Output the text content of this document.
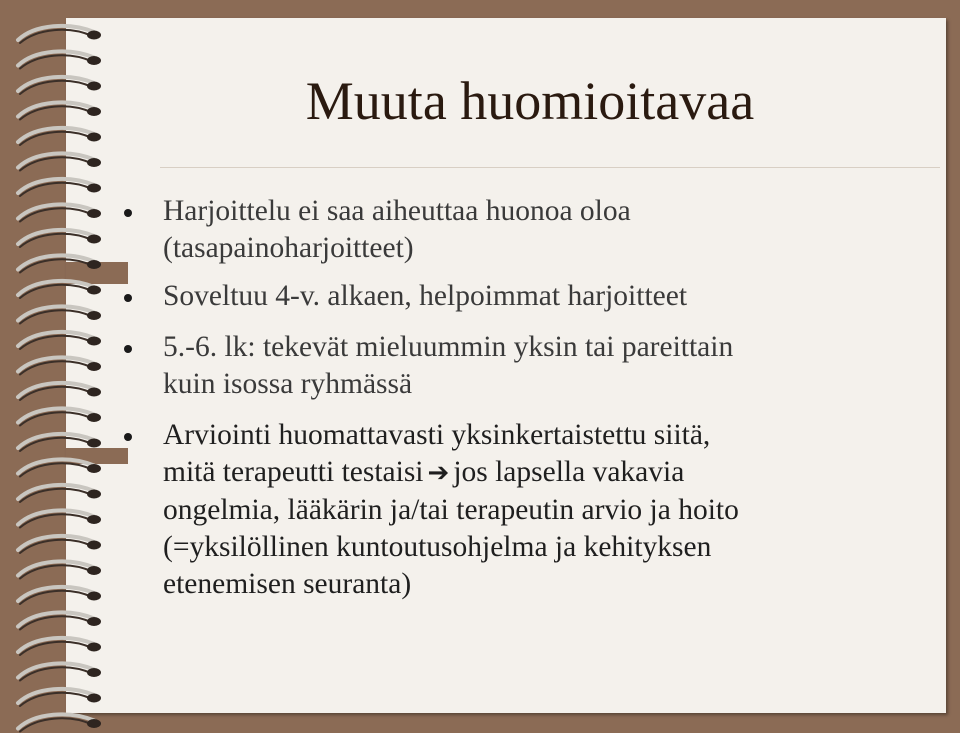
Muuta huomioitavaa
Harjoittelu ei saa aiheuttaa huonoa oloa
(tasapainoharjoitteet)
Soveltuu 4-v. alkaen, helpoimmat harjoitteet
5.-6. lk: tekevät mieluummin yksin tai pareittain
kuin isossa ryhmässä
Arviointi huomattavasti yksinkertaistettu siitä,
mitä terapeutti testaisi ➔ jos lapsella vakavia
ongelmia, lääkärin ja/tai terapeutin arvio ja hoito
(=yksilöllinen kuntoutusohjelma ja kehityksen
etenemisen seuranta)
